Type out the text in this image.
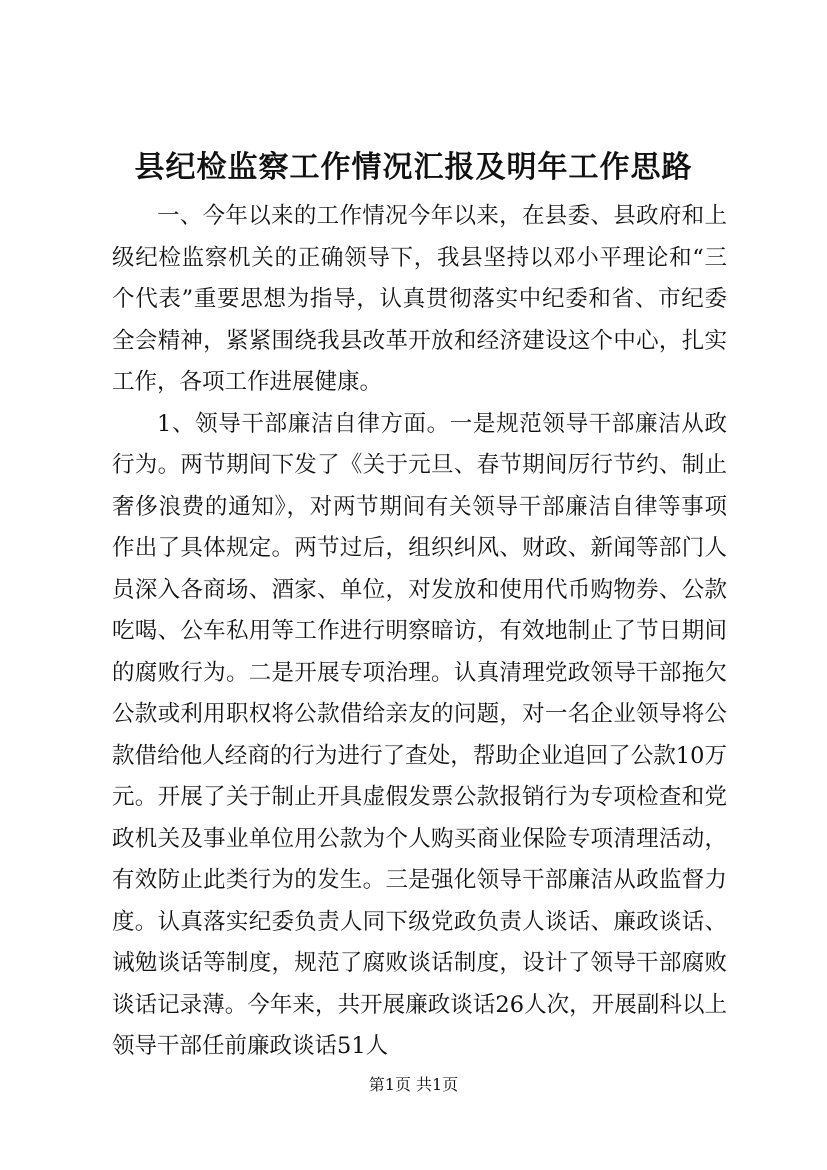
县纪检监察工作情况汇报及明年工作思路

一、今年以来的工作情况今年以来，在县委、县政府和上级纪检监察机关的正确领导下，我县坚持以邓小平理论和“三个代表”重要思想为指导，认真贯彻落实中纪委和省、市纪委全会精神，紧紧围绕我县改革开放和经济建设这个中心，扎实工作，各项工作进展健康。

1、领导干部廉洁自律方面。一是规范领导干部廉洁从政行为。两节期间下发了《关于元旦、春节期间厉行节约、制止奢侈浪费的通知》，对两节期间有关领导干部廉洁自律等事项作出了具体规定。两节过后，组织纠风、财政、新闻等部门人员深入各商场、酒家、单位，对发放和使用代币购物券、公款吃喝、公车私用等工作进行明察暗访，有效地制止了节日期间的腐败行为。二是开展专项治理。认真清理党政领导干部拖欠公款或利用职权将公款借给亲友的问题，对一名企业领导将公款借给他人经商的行为进行了查处，帮助企业追回了公款10万元。开展了关于制止开具虚假发票公款报销行为专项检查和党政机关及事业单位用公款为个人购买商业保险专项清理活动，有效防止此类行为的发生。三是强化领导干部廉洁从政监督力度。认真落实纪委负责人同下级党政负责人谈话、廉政谈话、诫勉谈话等制度，规范了腐败谈话制度，设计了领导干部腐败谈话记录薄。今年来，共开展廉政谈话26人次，开展副科以上领导干部任前廉政谈话51人

第1页 共1页
